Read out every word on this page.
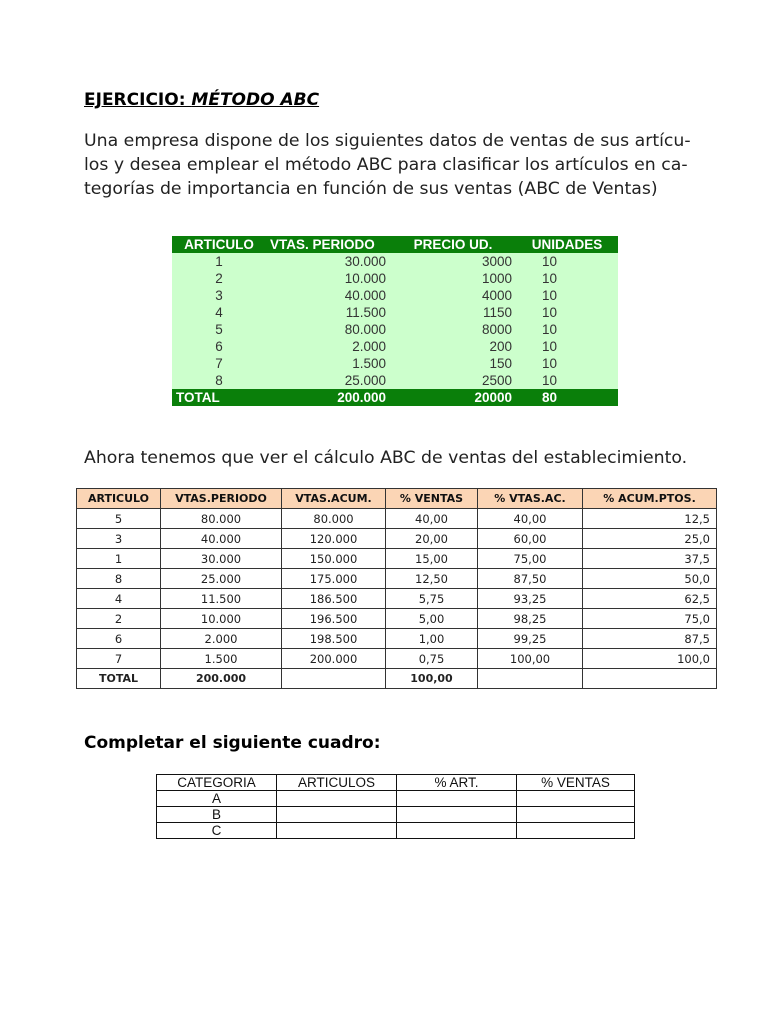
EJERCICIO: MÉTODO ABC

Una empresa dispone de los siguientes datos de ventas de sus artícu-
los y desea emplear el método ABC para clasificar los artículos en ca-
tegorías de importancia en función de sus ventas (ABC de Ventas)

ARTICULO	VTAS. PERIODO	PRECIO UD.	UNIDADES
1	30.000	3000	10
2	10.000	1000	10
3	40.000	4000	10
4	11.500	1150	10
5	80.000	8000	10
6	2.000	200	10
7	1.500	150	10
8	25.000	2500	10
TOTAL	200.000	20000	80

Ahora tenemos que ver el cálculo ABC de ventas del establecimiento.

ARTICULO	VTAS.PERIODO	VTAS.ACUM.	% VENTAS	% VTAS.AC.	% ACUM.PTOS.
5	80.000	80.000	40,00	40,00	12,5
3	40.000	120.000	20,00	60,00	25,0
1	30.000	150.000	15,00	75,00	37,5
8	25.000	175.000	12,50	87,50	50,0
4	11.500	186.500	5,75	93,25	62,5
2	10.000	196.500	5,00	98,25	75,0
6	2.000	198.500	1,00	99,25	87,5
7	1.500	200.000	0,75	100,00	100,0
TOTAL	200.000		100,00		
Completar el siguiente cuadro:
CATEGORIA	ARTICULOS	% ART.	% VENTAS
A			
B			
C			
